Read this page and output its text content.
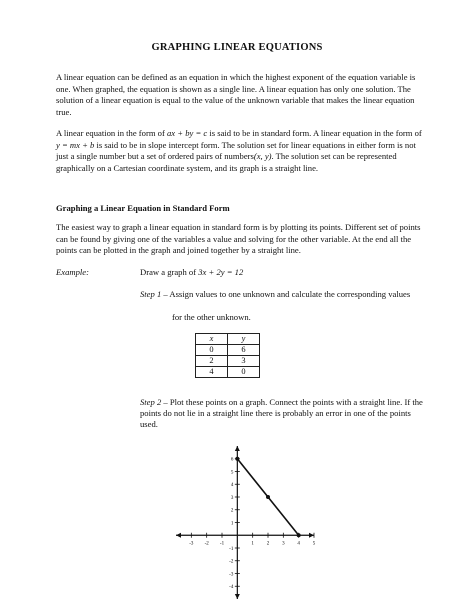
GRAPHING LINEAR EQUATIONS

A linear equation can be defined as an equation in which the highest exponent of the equation variable is one. When graphed, the equation is shown as a single line. A linear equation has only one solution. The solution of a linear equation is equal to the value of the unknown variable that makes the linear equation true.

A linear equation in the form of ax + by = c is said to be in standard form. A linear equation in the form of y = mx + b is said to be in slope intercept form. The solution set for linear equations in either form is not just a single number but a set of ordered pairs of numbers(x, y). The solution set can be represented graphically on a Cartesian coordinate system, and its graph is a straight line.

Graphing a Linear Equation in Standard Form

The easiest way to graph a linear equation in standard form is by plotting its points. Different set of points can be found by giving one of the variables a value and solving for the other variable. At the end all the points can be plotted in the graph and joined together by a straight line.

Example:	Draw a graph of 3x + 2y = 12
Step 1 – Assign values to one unknown and calculate the corresponding values
for the other unknown.
x	y
0	6
2	3
4	0
Step 2 – Plot these points on a graph. Connect the points with a straight line. If the points do not lie in a straight line there is probably an error in one of the points used.
-3 -2 -1	1	2	3	4	5
6
5
4
3
2
1
-1
-2
-3
-4
